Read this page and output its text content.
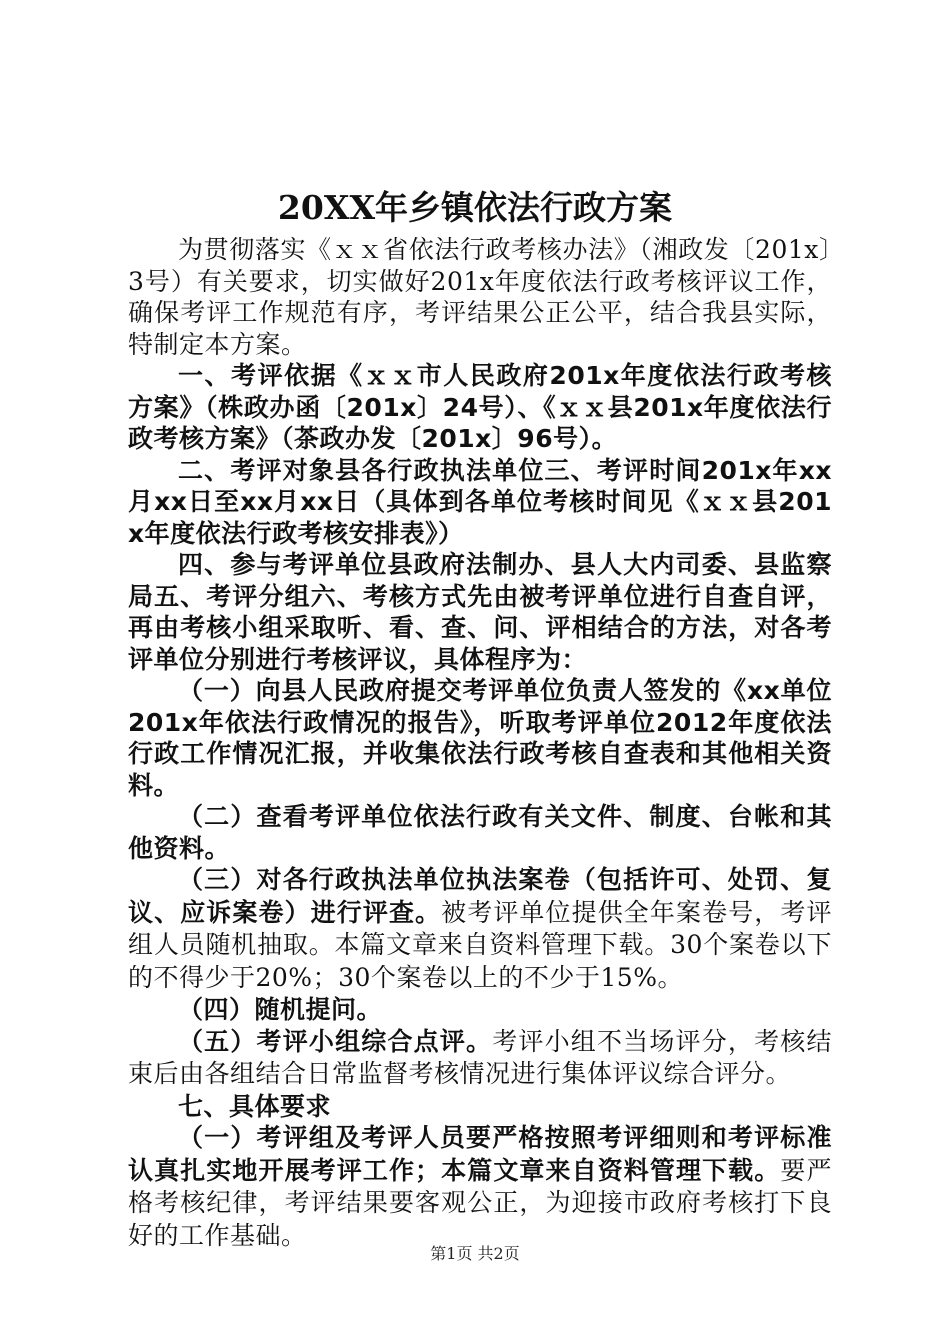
20XX年乡镇依法行政方案

为贯彻落实《ｘｘ省依法行政考核办法》（湘政发〔201x〕3号）有关要求，切实做好201x年度依法行政考核评议工作，确保考评工作规范有序，考评结果公正公平，结合我县实际，特制定本方案。

一、考评依据《ｘｘ市人民政府201x年度依法行政考核方案》（株政办函〔201x〕24号）、《ｘｘ县201x年度依法行政考核方案》（茶政办发〔201x〕96号）。

二、考评对象县各行政执法单位三、考评时间201x年xx月xx日至xx月xx日（具体到各单位考核时间见《ｘｘ县201x年度依法行政考核安排表》）

四、参与考评单位县政府法制办、县人大内司委、县监察局五、考评分组六、考核方式先由被考评单位进行自查自评，再由考核小组采取听、看、查、问、评相结合的方法，对各考评单位分别进行考核评议，具体程序为：

（一）向县人民政府提交考评单位负责人签发的《xx单位201x年依法行政情况的报告》，听取考评单位2012年度依法行政工作情况汇报，并收集依法行政考核自查表和其他相关资料。

（二）查看考评单位依法行政有关文件、制度、台帐和其他资料。

（三）对各行政执法单位执法案卷（包括许可、处罚、复议、应诉案卷）进行评查。被考评单位提供全年案卷号，考评组人员随机抽取。本篇文章来自资料管理下载。30个案卷以下的不得少于20%；30个案卷以上的不少于15%。

（四）随机提问。

（五）考评小组综合点评。考评小组不当场评分，考核结束后由各组结合日常监督考核情况进行集体评议综合评分。

七、具体要求

（一）考评组及考评人员要严格按照考评细则和考评标准认真扎实地开展考评工作；本篇文章来自资料管理下载。要严格考核纪律，考评结果要客观公正，为迎接市政府考核打下良好的工作基础。

第1页 共2页
